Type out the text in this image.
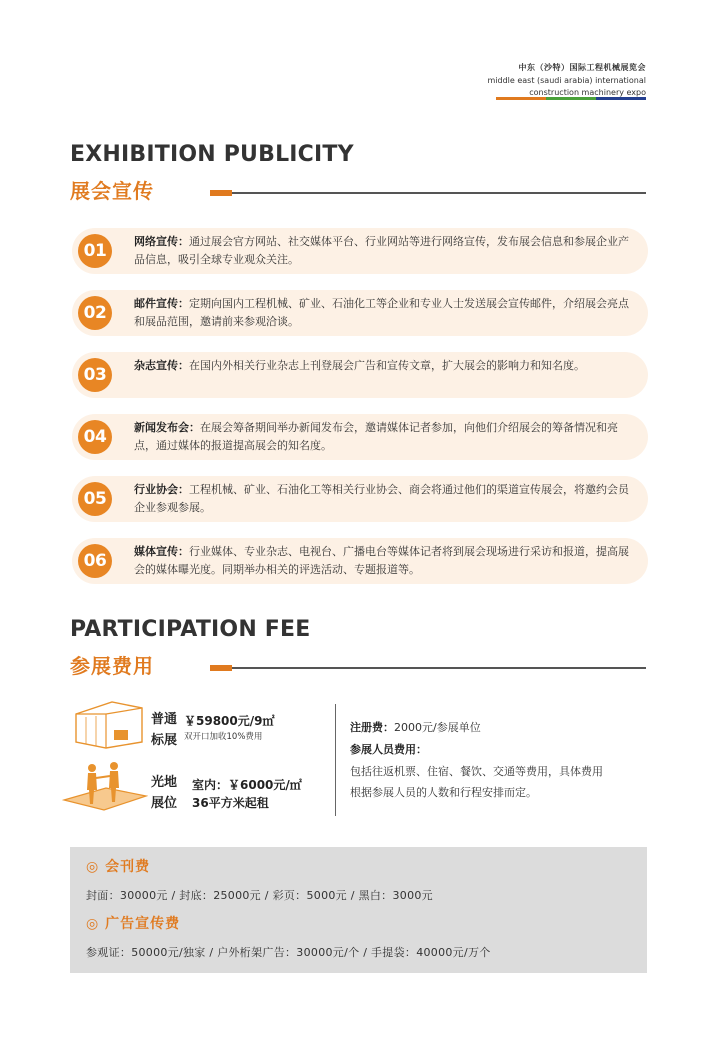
中东（沙特）国际工程机械展览会
middle east (saudi arabia) international
construction machinery expo
EXHIBITION PUBLICITY
展会宣传
01	网络宣传：通过展会官方网站、社交媒体平台、行业网站等进行网络宣传，发布展会信息和参展企业产品信息，吸引全球专业观众关注。
02	邮件宣传：定期向国内工程机械、矿业、石油化工等企业和专业人士发送展会宣传邮件，介绍展会亮点和展品范围，邀请前来参观洽谈。
03	杂志宣传：在国内外相关行业杂志上刊登展会广告和宣传文章，扩大展会的影响力和知名度。
04	新闻发布会：在展会筹备期间举办新闻发布会，邀请媒体记者参加，向他们介绍展会的筹备情况和亮点，通过媒体的报道提高展会的知名度。
05	行业协会：工程机械、矿业、石油化工等相关行业协会、商会将通过他们的渠道宣传展会，将邀约会员企业参观参展。
06	媒体宣传：行业媒体、专业杂志、电视台、广播电台等媒体记者将到展会现场进行采访和报道，提高展会的媒体曝光度。同期举办相关的评选活动、专题报道等。
PARTICIPATION FEE
参展费用
普通
标展
￥59800元/9㎡
双开口加收10%费用
光地
展位
室内：￥6000元/㎡
36平方米起租
注册费：2000元/参展单位
参展人员费用：
包括往返机票、住宿、餐饮、交通等费用，具体费用
根据参展人员的人数和行程安排而定。
◎ 会刊费
封面：30000元 / 封底：25000元 / 彩页：5000元 / 黑白：3000元
◎ 广告宣传费
参观证：50000元/独家 / 户外桁架广告：30000元/个 / 手提袋：40000元/万个
